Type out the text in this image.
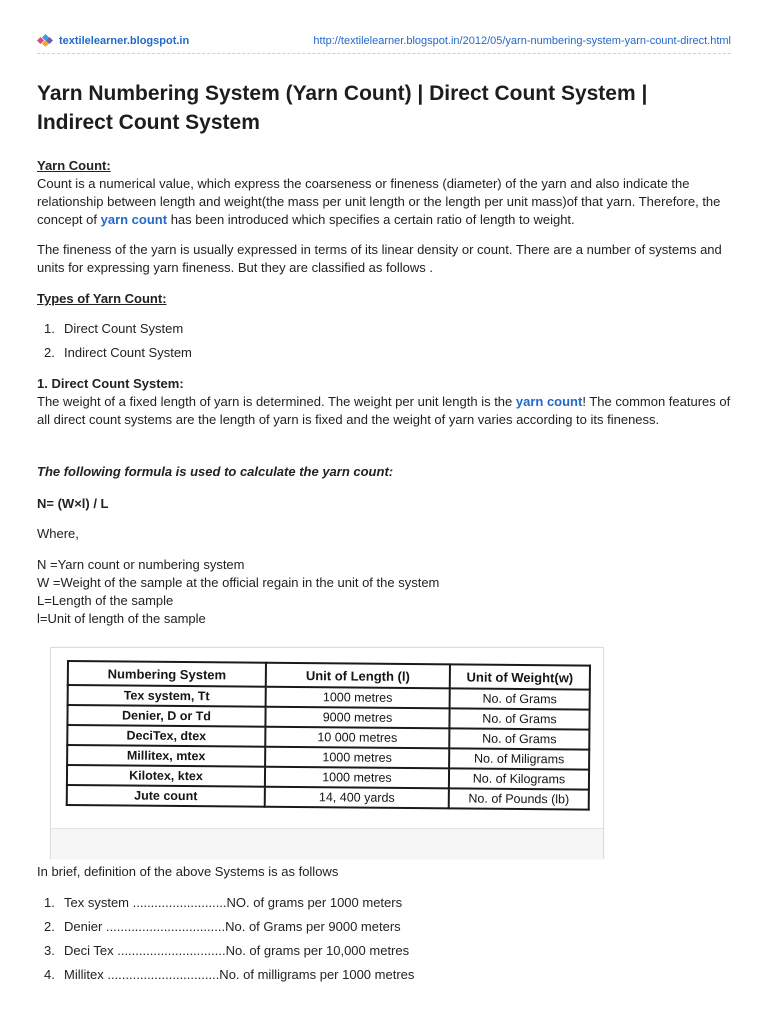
textilelearner.blogspot.in	http://textilelearner.blogspot.in/2012/05/yarn-numbering-system-yarn-count-direct.html
Yarn Numbering System (Yarn Count) | Direct Count System | Indirect Count System

Yarn Count:

Count is a numerical value, which express the coarseness or fineness (diameter) of the yarn and also indicate the relationship between length and weight(the mass per unit length or the length per unit mass)of that yarn. Therefore, the concept of yarn count has been introduced which specifies a certain ratio of length to weight.

The fineness of the yarn is usually expressed in terms of its linear density or count. There are a number of systems and units for expressing yarn fineness. But they are classified as follows .

Types of Yarn Count:

1. Direct Count System
2. Indirect Count System

1. Direct Count System:

The weight of a fixed length of yarn is determined. The weight per unit length is the yarn count! The common features of all direct count systems are the length of yarn is fixed and the weight of yarn varies according to its fineness.

The following formula is used to calculate the yarn count:

N= (W×l) / L

Where,

N =Yarn count or numbering system

W =Weight of the sample at the official regain in the unit of the system

L=Length of the sample

l=Unit of length of the sample

Numbering System	Unit of Length (l)	Unit of Weight(w)
Tex system, Tt	1000 metres	No. of Grams
Denier, D or Td	9000 metres	No. of Grams
DeciTex, dtex	10 000 metres	No. of Grams
Millitex, mtex	1000 metres	No. of Miligrams
Kilotex, ktex	1000 metres	No. of Kilograms
Jute count	14, 400 yards	No. of Pounds (lb)

In brief, definition of the above Systems is as follows

1. Tex system ..........................NO. of grams per 1000 meters
2. Denier .................................No. of Grams per 9000 meters
3. Deci Tex ..............................No. of grams per 10,000 metres
4. Millitex ...............................No. of milligrams per 1000 metres
